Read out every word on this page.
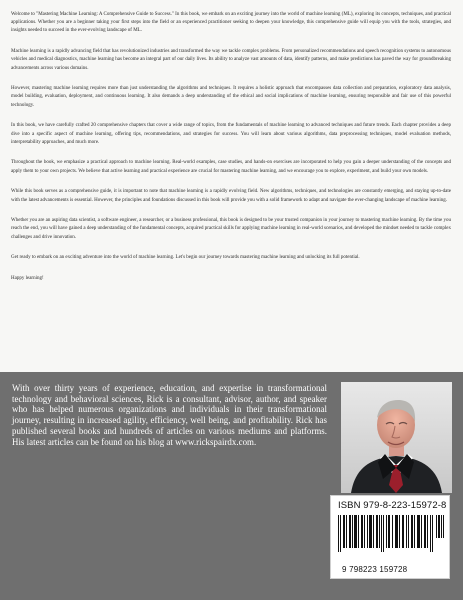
Welcome to "Mastering Machine Learning: A Comprehensive Guide to Success." In this book, we embark on an exciting journey into the world of machine learning (ML), exploring its concepts, techniques, and practical applications. Whether you are a beginner taking your first steps into the field or an experienced practitioner seeking to deepen your knowledge, this comprehensive guide will equip you with the tools, strategies, and insights needed to succeed in the ever-evolving landscape of ML.

Machine learning is a rapidly advancing field that has revolutionized industries and transformed the way we tackle complex problems. From personalized recommendations and speech recognition systems to autonomous vehicles and medical diagnostics, machine learning has become an integral part of our daily lives. Its ability to analyze vast amounts of data, identify patterns, and make predictions has paved the way for groundbreaking advancements across various domains.

However, mastering machine learning requires more than just understanding the algorithms and techniques. It requires a holistic approach that encompasses data collection and preparation, exploratory data analysis, model building, evaluation, deployment, and continuous learning. It also demands a deep understanding of the ethical and social implications of machine learning, ensuring responsible and fair use of this powerful technology.

In this book, we have carefully crafted 20 comprehensive chapters that cover a wide range of topics, from the fundamentals of machine learning to advanced techniques and future trends. Each chapter provides a deep dive into a specific aspect of machine learning, offering tips, recommendations, and strategies for success. You will learn about various algorithms, data preprocessing techniques, model evaluation methods, interpretability approaches, and much more.

Throughout the book, we emphasize a practical approach to machine learning. Real-world examples, case studies, and hands-on exercises are incorporated to help you gain a deeper understanding of the concepts and apply them to your own projects. We believe that active learning and practical experience are crucial for mastering machine learning, and we encourage you to explore, experiment, and build your own models.

While this book serves as a comprehensive guide, it is important to note that machine learning is a rapidly evolving field. New algorithms, techniques, and technologies are constantly emerging, and staying up-to-date with the latest advancements is essential. However, the principles and foundations discussed in this book will provide you with a solid framework to adapt and navigate the ever-changing landscape of machine learning.

Whether you are an aspiring data scientist, a software engineer, a researcher, or a business professional, this book is designed to be your trusted companion in your journey to mastering machine learning. By the time you reach the end, you will have gained a deep understanding of the fundamental concepts, acquired practical skills for applying machine learning in real-world scenarios, and developed the mindset needed to tackle complex challenges and drive innovation.

Get ready to embark on an exciting adventure into the world of machine learning. Let's begin our journey towards mastering machine learning and unlocking its full potential.

Happy learning!

With over thirty years of experience, education, and expertise in transformational technology and behavioral sciences, Rick is a consultant, advisor, author, and speaker who has helped numerous organizations and individuals in their transformational journey, resulting in increased agility, efficiency, well being, and profitability. Rick has published several books and hundreds of articles on various mediums and platforms. His latest articles can be found on his blog at www.rickspairdx.com.
ISBN 979-8-223-15972-8
9 798223 159728
